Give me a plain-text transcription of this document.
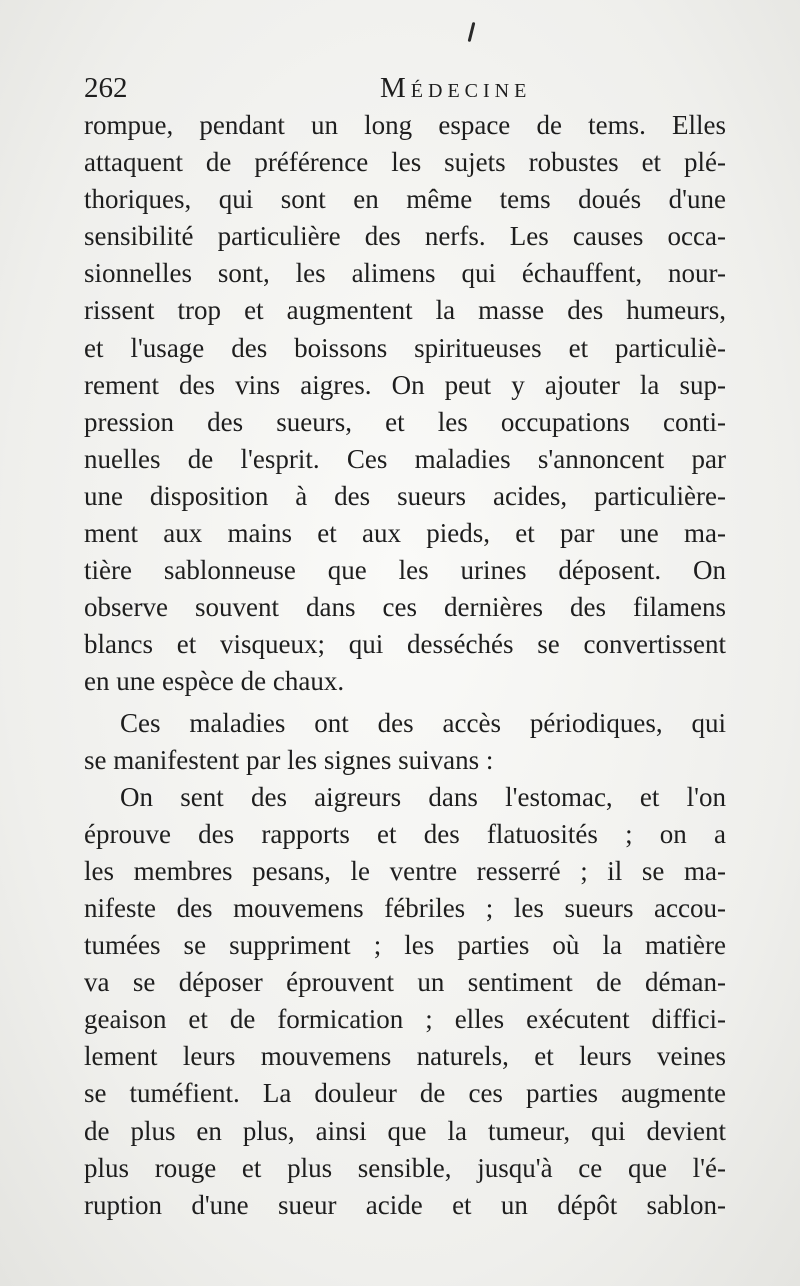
262	Médecine
rompue, pendant un long espace de tems. Elles
attaquent de préférence les sujets robustes et plé-
thoriques, qui sont en même tems doués d'une
sensibilité particulière des nerfs. Les causes occa-
sionnelles sont, les alimens qui échauffent, nour-
rissent trop et augmentent la masse des humeurs,
et l'usage des boissons spiritueuses et particuliè-
rement des vins aigres. On peut y ajouter la sup-
pression des sueurs, et les occupations conti-
nuelles de l'esprit. Ces maladies s'annoncent par
une disposition à des sueurs acides, particulière-
ment aux mains et aux pieds, et par une ma-
tière sablonneuse que les urines déposent. On
observe souvent dans ces dernières des filamens
blancs et visqueux; qui desséchés se convertissent
en une espèce de chaux.
Ces maladies ont des accès périodiques, qui
se manifestent par les signes suivans :
On sent des aigreurs dans l'estomac, et l'on
éprouve des rapports et des flatuosités ; on a
les membres pesans, le ventre resserré ; il se ma-
nifeste des mouvemens fébriles ; les sueurs accou-
tumées se suppriment ; les parties où la matière
va se déposer éprouvent un sentiment de déman-
geaison et de formication ; elles exécutent diffici-
lement leurs mouvemens naturels, et leurs veines
se tuméfient. La douleur de ces parties augmente
de plus en plus, ainsi que la tumeur, qui devient
plus rouge et plus sensible, jusqu'à ce que l'é-
ruption d'une sueur acide et un dépôt sablon-
